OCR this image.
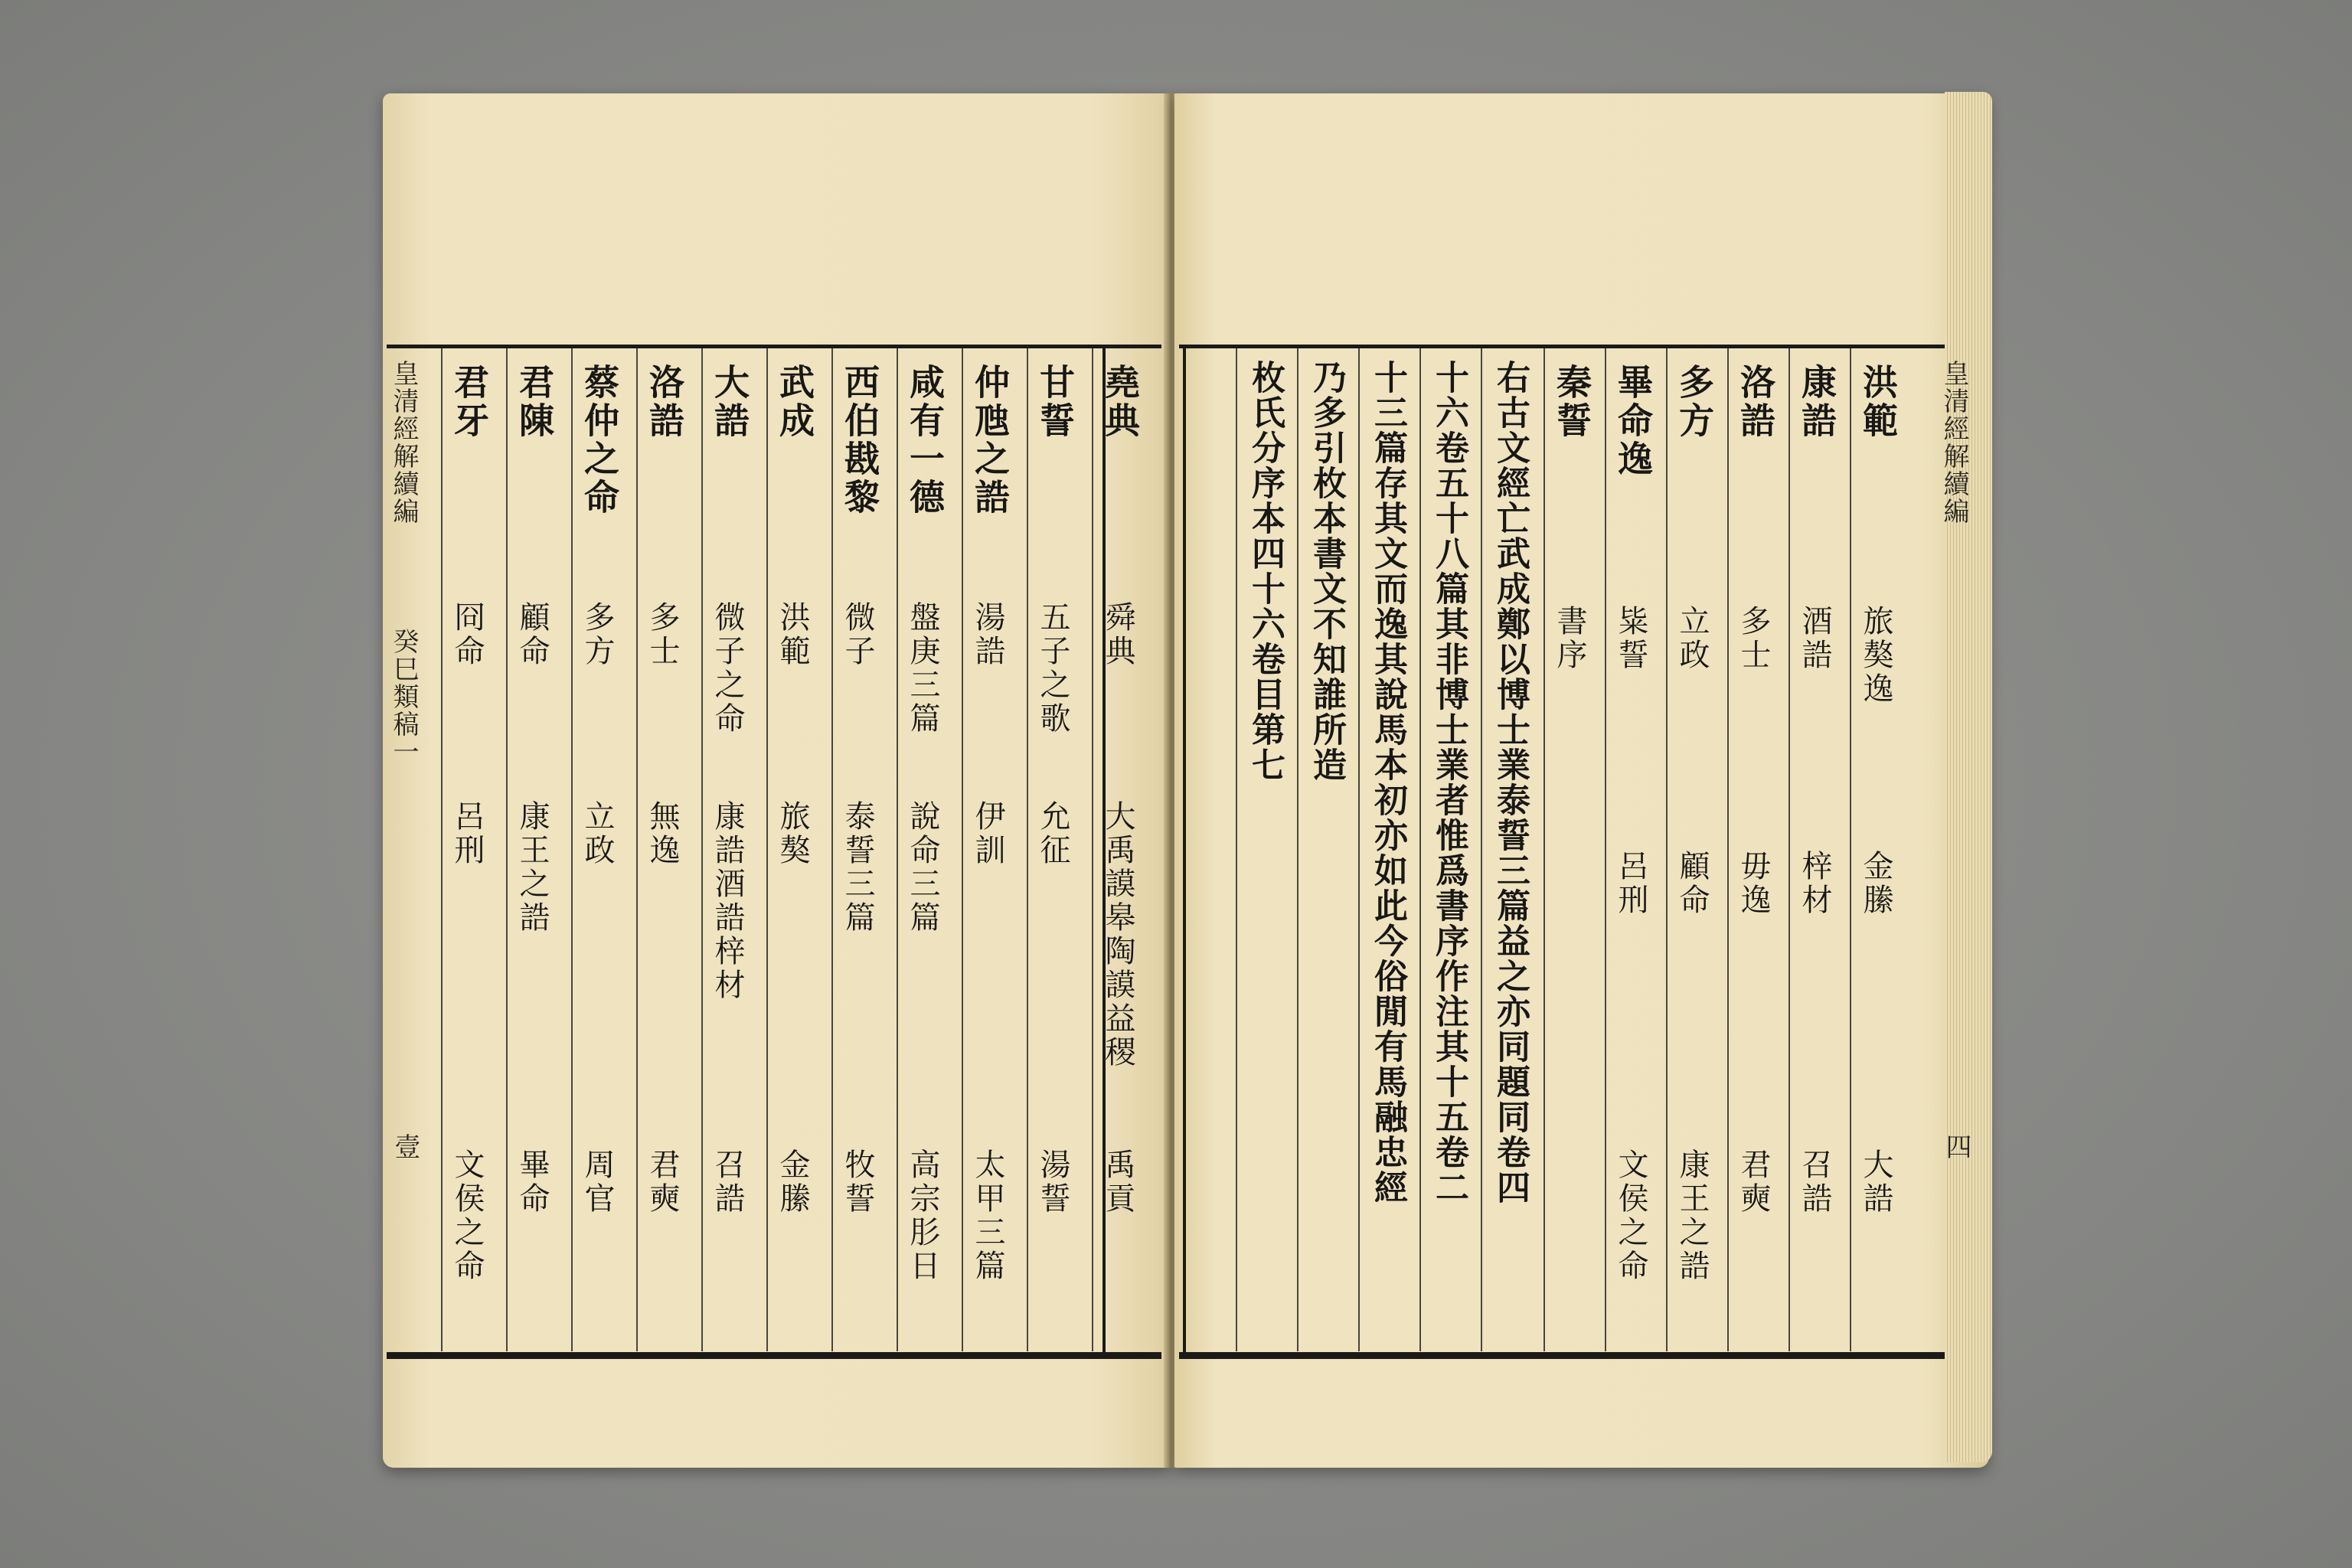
皇清經解續編
癸巳類稿一
壹
堯典
舜典
大禹謨皋陶謨益稷
禹貢
甘誓
五子之歌
允征
湯誓
仲虺之誥
湯誥
伊訓
太甲三篇
咸有一德
盤庚三篇
說命三篇
高宗肜日
西伯戡黎
微子
泰誓三篇
牧誓
武成
洪範
旅獒
金縢
大誥
微子之命
康誥酒誥梓材
召誥
洛誥
多士
無逸
君奭
蔡仲之命
多方
立政
周官
君陳
顧命
康王之誥
畢命
君牙
冏命
呂刑
文侯之命
洪範
旅獒逸
金縢
大誥
康誥
酒誥
梓材
召誥
洛誥
多士
毋逸
君奭
多方
立政
顧命
康王之誥
畢命逸
粊誓
呂刑
文侯之命
秦誓
書序
右古文經亡武成鄭以博士業泰誓三篇益之亦同題同卷四
十六卷五十八篇其非博士業者惟爲書序作注其十五卷二
十三篇存其文而逸其說馬本初亦如此今俗閒有馬融忠經
乃多引枚本書文不知誰所造
枚氏分序本四十六卷目第七	皇清經解續編
四
